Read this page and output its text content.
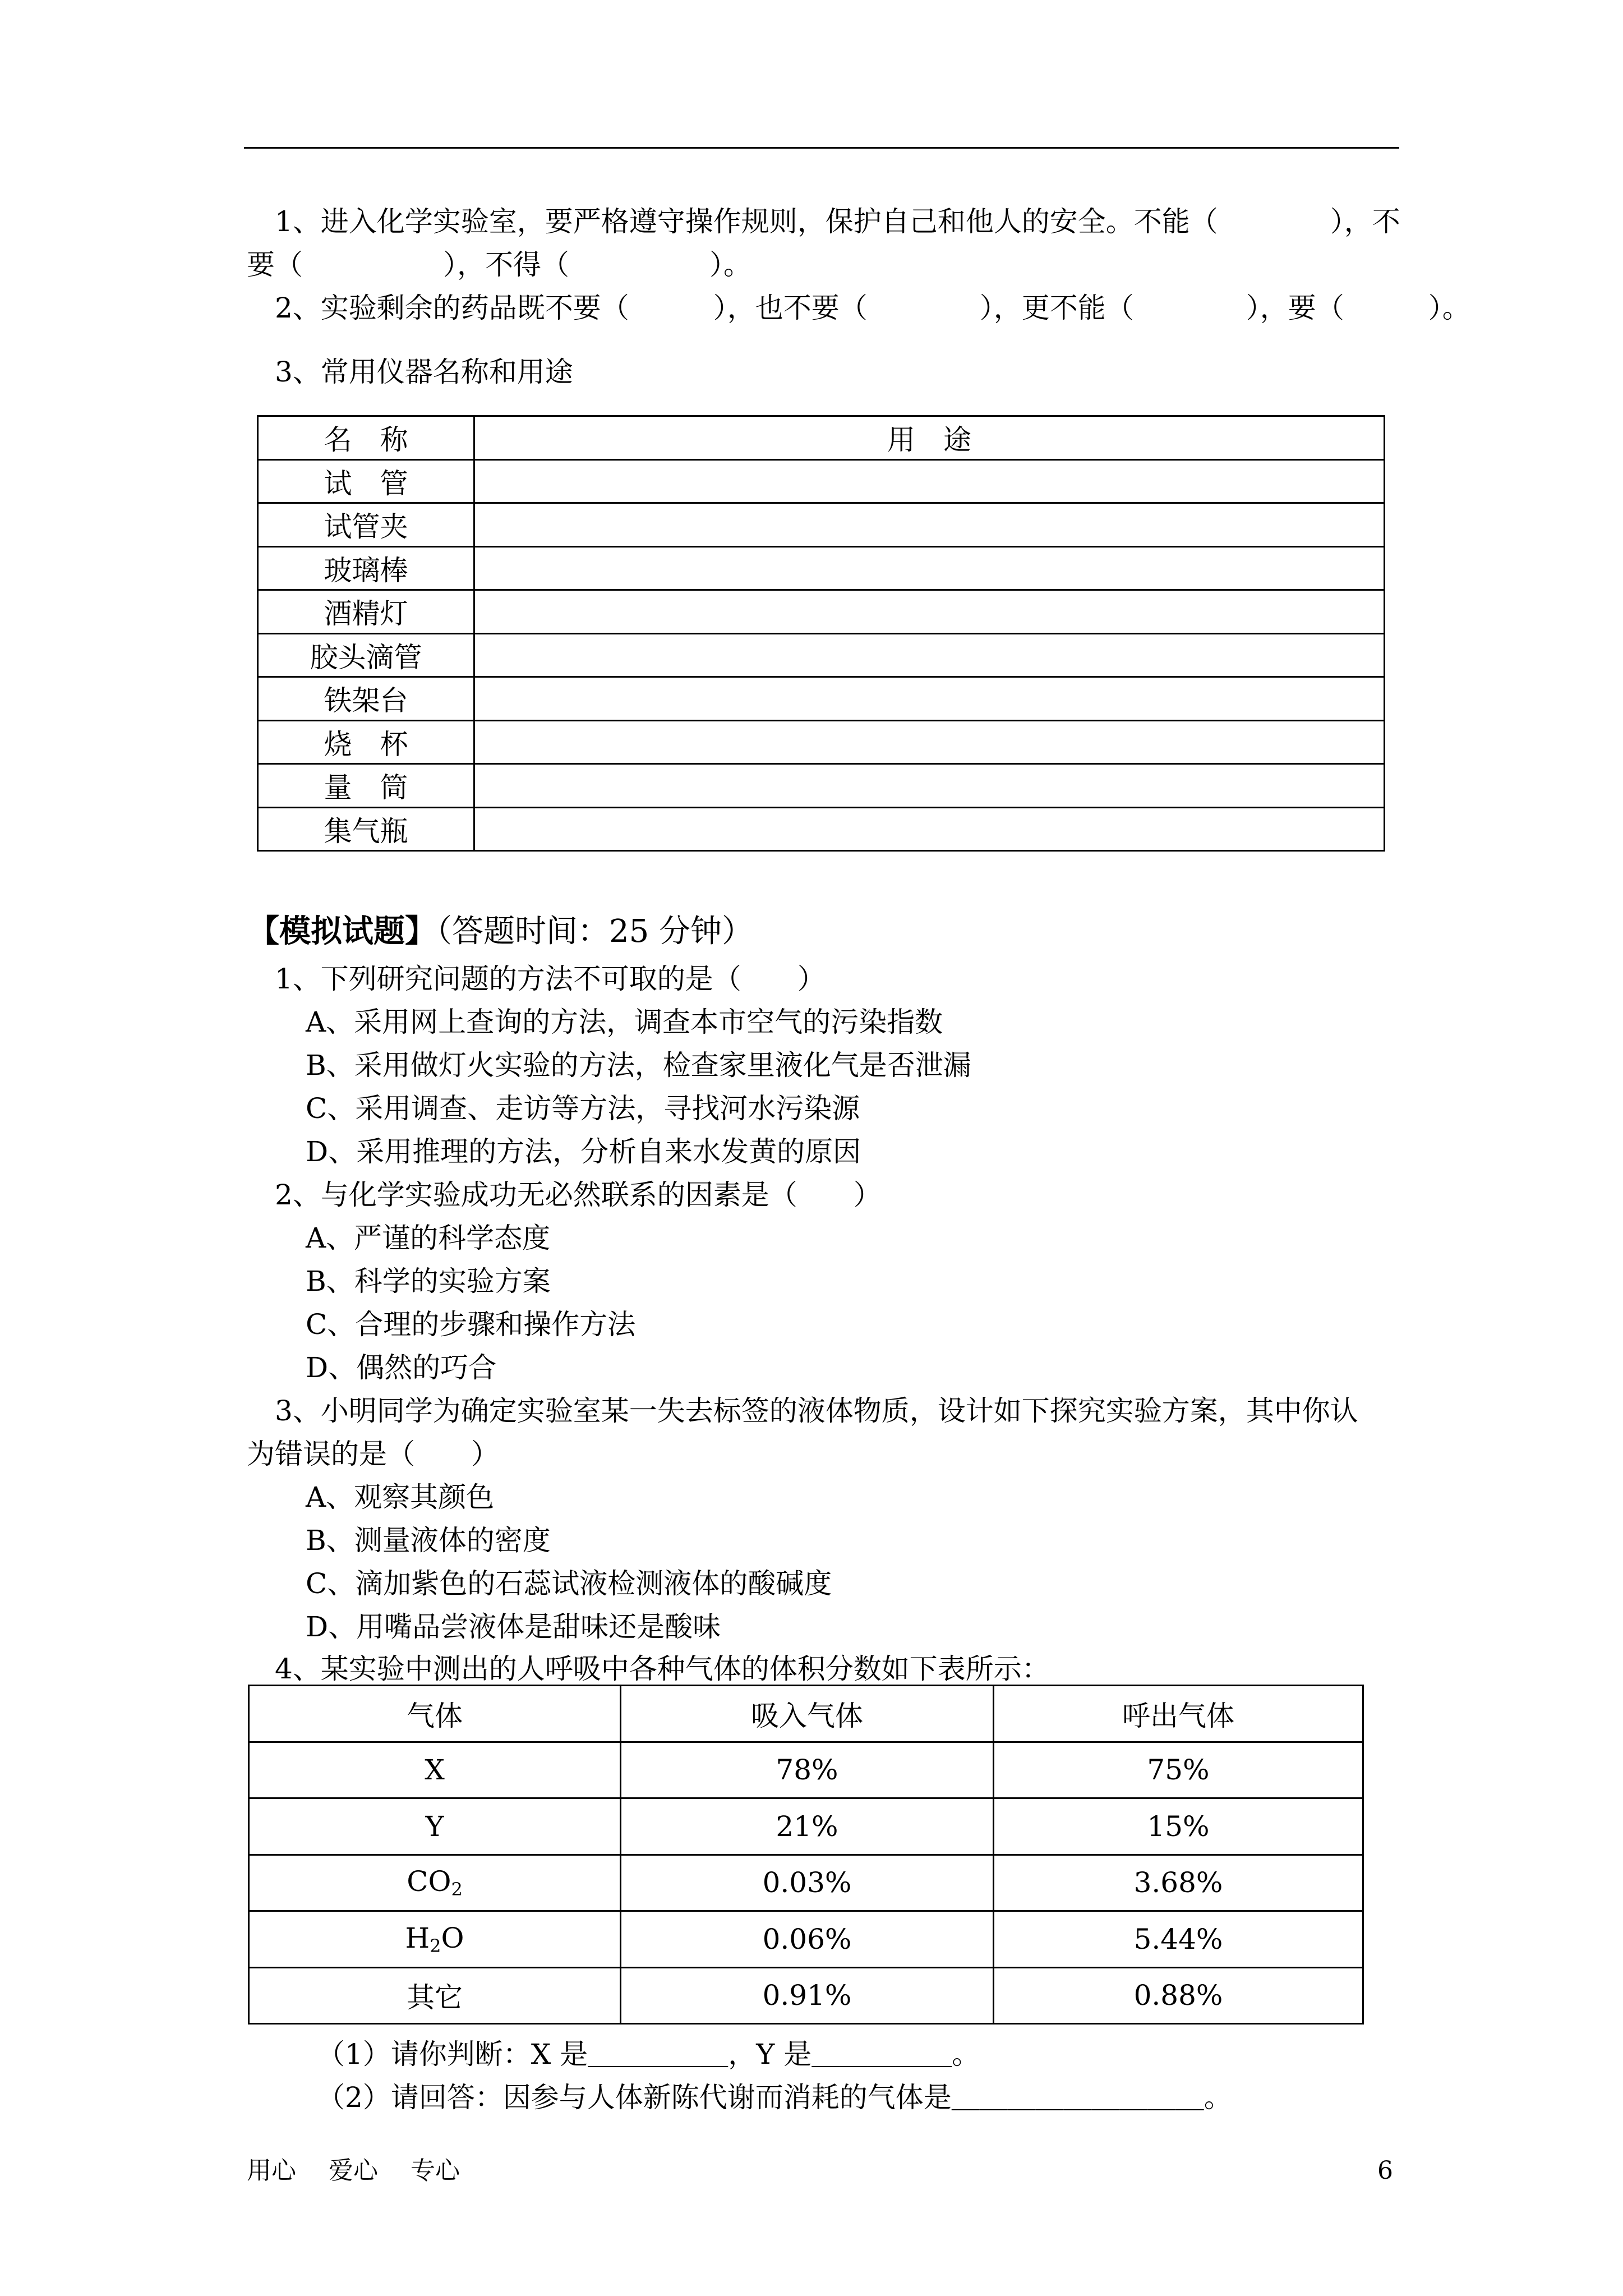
1、进入化学实验室，要严格遵守操作规则，保护自己和他人的安全。不能（　　　　），不
要（　　　　　），不得（　　　　　）。
2、实验剩余的药品既不要（　　　），也不要（　　　　），更不能（　　　　），要（　　　）。
3、常用仪器名称和用途
名　称	用　途
试　管	
试管夹	
玻璃棒	
酒精灯	
胶头滴管	
铁架台	
烧　杯	
量　筒	
集气瓶	
【模拟试题】（答题时间：25 分钟）
1、下列研究问题的方法不可取的是（　　）
A、采用网上查询的方法，调查本市空气的污染指数
B、采用做灯火实验的方法，检查家里液化气是否泄漏
C、采用调查、走访等方法，寻找河水污染源
D、采用推理的方法，分析自来水发黄的原因
2、与化学实验成功无必然联系的因素是（　　）
A、严谨的科学态度
B、科学的实验方案
C、合理的步骤和操作方法
D、偶然的巧合
3、小明同学为确定实验室某一失去标签的液体物质，设计如下探究实验方案，其中你认
为错误的是（　　）
A、观察其颜色
B、测量液体的密度
C、滴加紫色的石蕊试液检测液体的酸碱度
D、用嘴品尝液体是甜味还是酸味
4、某实验中测出的人呼吸中各种气体的体积分数如下表所示：
气体	吸入气体	呼出气体
X	78%	75%
Y	21%	15%
$CO_2$	0.03%	3.68%
$H_2O$	0.06%	5.44%
其它	0.91%	0.88%
（1）请你判断：X 是＿＿＿＿＿，Y 是＿＿＿＿＿。
（2）请回答：因参与人体新陈代谢而消耗的气体是＿＿＿＿＿＿＿＿＿。
用心　 爱心　 专心	6
